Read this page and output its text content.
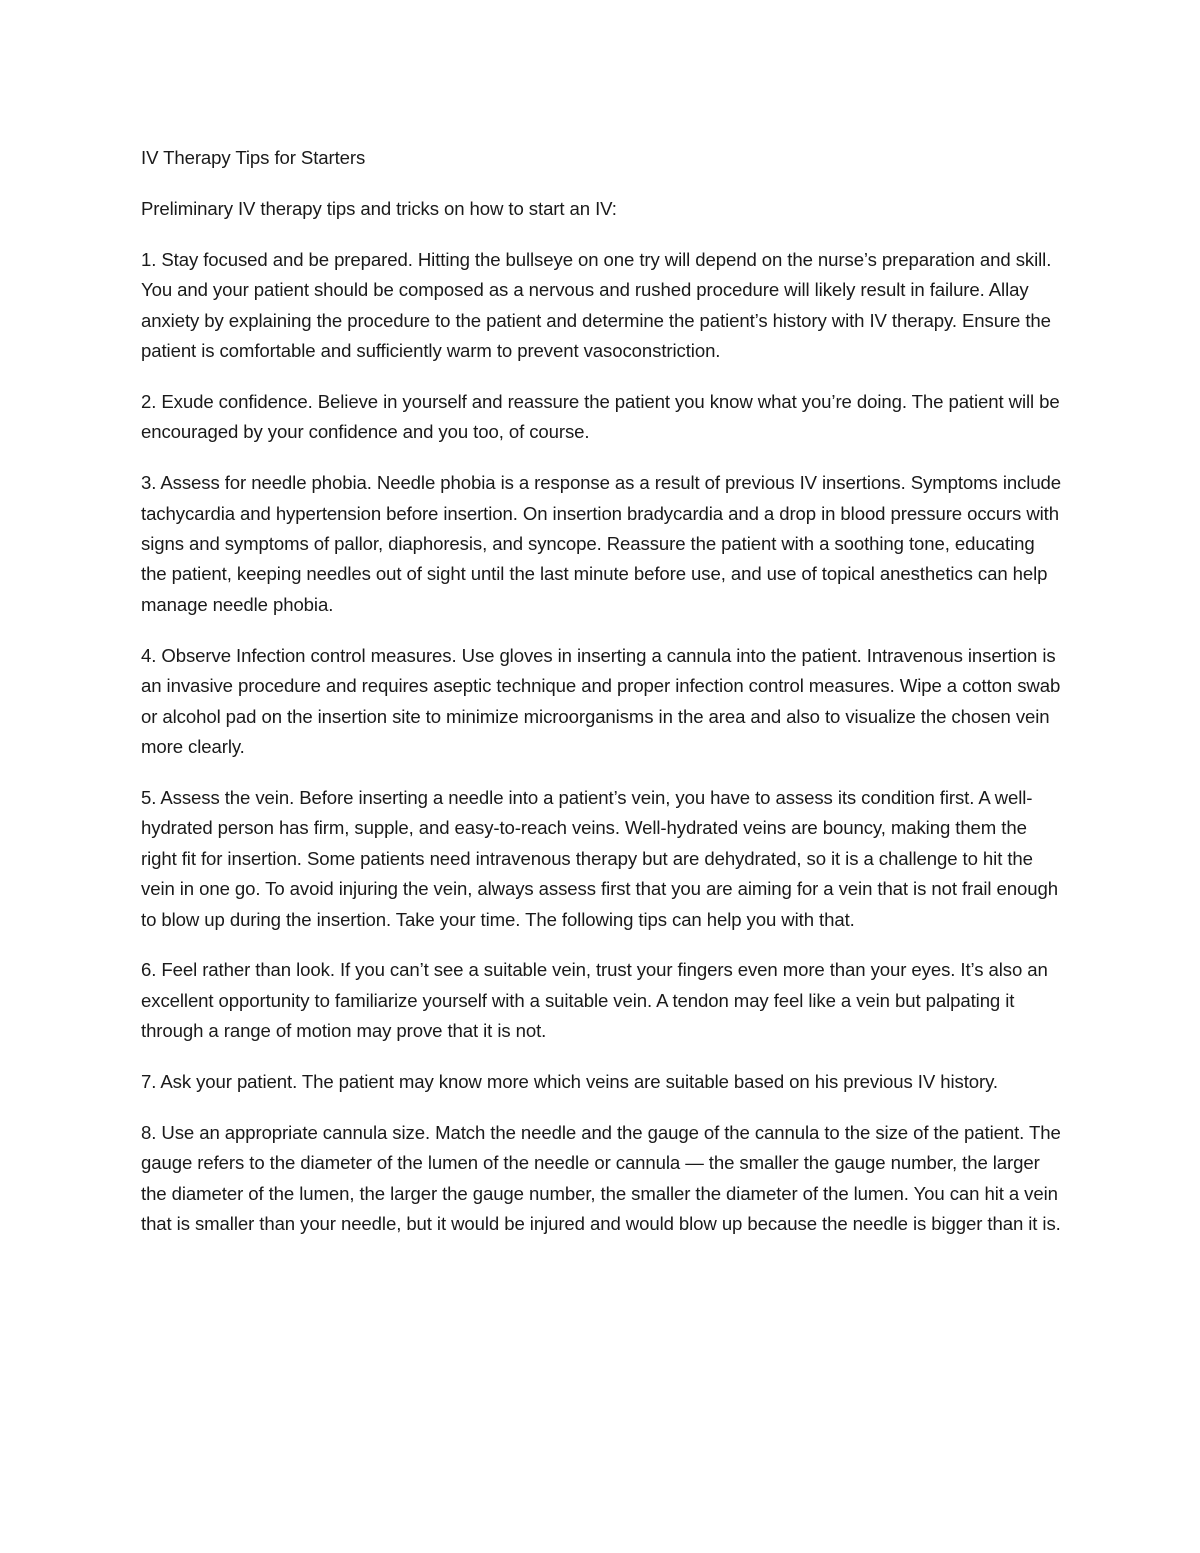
IV Therapy Tips for Starters

Preliminary IV therapy tips and tricks on how to start an IV:

1. Stay focused and be prepared. Hitting the bullseye on one try will depend on the nurse’s preparation and skill. You and your patient should be composed as a nervous and rushed procedure will likely result in failure. Allay anxiety by explaining the procedure to the patient and determine the patient’s history with IV therapy. Ensure the patient is comfortable and sufficiently warm to prevent vasoconstriction.

2. Exude confidence. Believe in yourself and reassure the patient you know what you’re doing. The patient will be encouraged by your confidence and you too, of course.

3. Assess for needle phobia. Needle phobia is a response as a result of previous IV insertions. Symptoms include tachycardia and hypertension before insertion. On insertion bradycardia and a drop in blood pressure occurs with signs and symptoms of pallor, diaphoresis, and syncope. Reassure the patient with a soothing tone, educating the patient, keeping needles out of sight until the last minute before use, and use of topical anesthetics can help manage needle phobia.

4. Observe Infection control measures. Use gloves in inserting a cannula into the patient. Intravenous insertion is an invasive procedure and requires aseptic technique and proper infection control measures. Wipe a cotton swab or alcohol pad on the insertion site to minimize microorganisms in the area and also to visualize the chosen vein more clearly.

5. Assess the vein. Before inserting a needle into a patient’s vein, you have to assess its condition first. A well-hydrated person has firm, supple, and easy-to-reach veins. Well-hydrated veins are bouncy, making them the right fit for insertion. Some patients need intravenous therapy but are dehydrated, so it is a challenge to hit the vein in one go. To avoid injuring the vein, always assess first that you are aiming for a vein that is not frail enough to blow up during the insertion. Take your time. The following tips can help you with that.

6. Feel rather than look. If you can’t see a suitable vein, trust your fingers even more than your eyes. It’s also an excellent opportunity to familiarize yourself with a suitable vein. A tendon may feel like a vein but palpating it through a range of motion may prove that it is not.

7. Ask your patient. The patient may know more which veins are suitable based on his previous IV history.

8. Use an appropriate cannula size. Match the needle and the gauge of the cannula to the size of the patient. The gauge refers to the diameter of the lumen of the needle or cannula — the smaller the gauge number, the larger the diameter of the lumen, the larger the gauge number, the smaller the diameter of the lumen. You can hit a vein that is smaller than your needle, but it would be injured and would blow up because the needle is bigger than it is.
